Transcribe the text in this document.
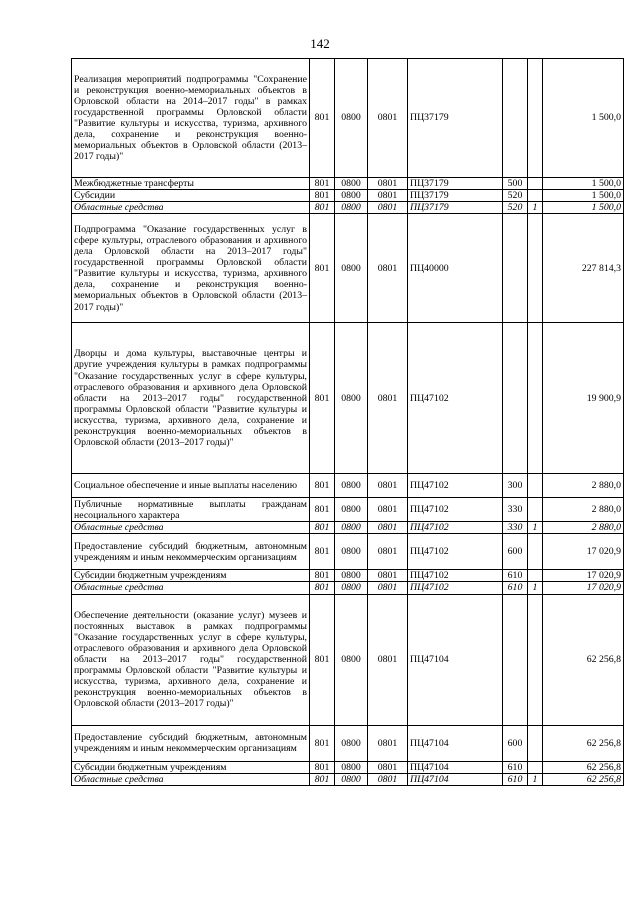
142
Реализация мероприятий подпрограммы "Сохранение и реконструкция военно-мемориальных объектов в Орловской области на 2014–2017 годы" в рамках государственной программы Орловской области "Развитие культуры и искусства, туризма, архивного дела, сохранение и реконструкция военно-мемориальных объектов в Орловской области (2013–2017 годы)"	801	0800	0801	ПЦ37179			1 500,0
Межбюджетные трансферты	801	0800	0801	ПЦ37179	500		1 500,0
Субсидии	801	0800	0801	ПЦ37179	520		1 500,0
Областные средства	801	0800	0801	ПЦ37179	520	1	1 500,0
Подпрограмма "Оказание государственных услуг в сфере культуры, отраслевого образования и архивного дела Орловской области на 2013–2017 годы" государственной программы Орловской области "Развитие культуры и искусства, туризма, архивного дела, сохранение и реконструкция военно-мемориальных объектов в Орловской области (2013–2017 годы)"	801	0800	0801	ПЦ40000			227 814,3
Дворцы и дома культуры, выставочные центры и другие учреждения культуры в рамках подпрограммы "Оказание государственных услуг в сфере культуры, отраслевого образования и архивного дела Орловской области на 2013–2017 годы" государственной программы Орловской области "Развитие культуры и искусства, туризма, архивного дела, сохранение и реконструкция военно-мемориальных объектов в Орловской области (2013–2017 годы)"	801	0800	0801	ПЦ47102			19 900,9
Социальное обеспечение и иные выплаты населению	801	0800	0801	ПЦ47102	300		2 880,0
Публичные нормативные выплаты гражданам несоциального характера	801	0800	0801	ПЦ47102	330		2 880,0
Областные средства	801	0800	0801	ПЦ47102	330	1	2 880,0
Предоставление субсидий бюджетным, автономным учреждениям и иным некоммерческим организациям	801	0800	0801	ПЦ47102	600		17 020,9
Субсидии бюджетным учреждениям	801	0800	0801	ПЦ47102	610		17 020,9
Областные средства	801	0800	0801	ПЦ47102	610	1	17 020,9
Обеспечение деятельности (оказание услуг) музеев и постоянных выставок в рамках подпрограммы "Оказание государственных услуг в сфере культуры, отраслевого образования и архивного дела Орловской области на 2013–2017 годы" государственной программы Орловской области "Развитие культуры и искусства, туризма, архивного дела, сохранение и реконструкция военно-мемориальных объектов в Орловской области (2013–2017 годы)"	801	0800	0801	ПЦ47104			62 256,8
Предоставление субсидий бюджетным, автономным учреждениям и иным некоммерческим организациям	801	0800	0801	ПЦ47104	600		62 256,8
Субсидии бюджетным учреждениям	801	0800	0801	ПЦ47104	610		62 256,8
Областные средства	801	0800	0801	ПЦ47104	610	1	62 256,8
